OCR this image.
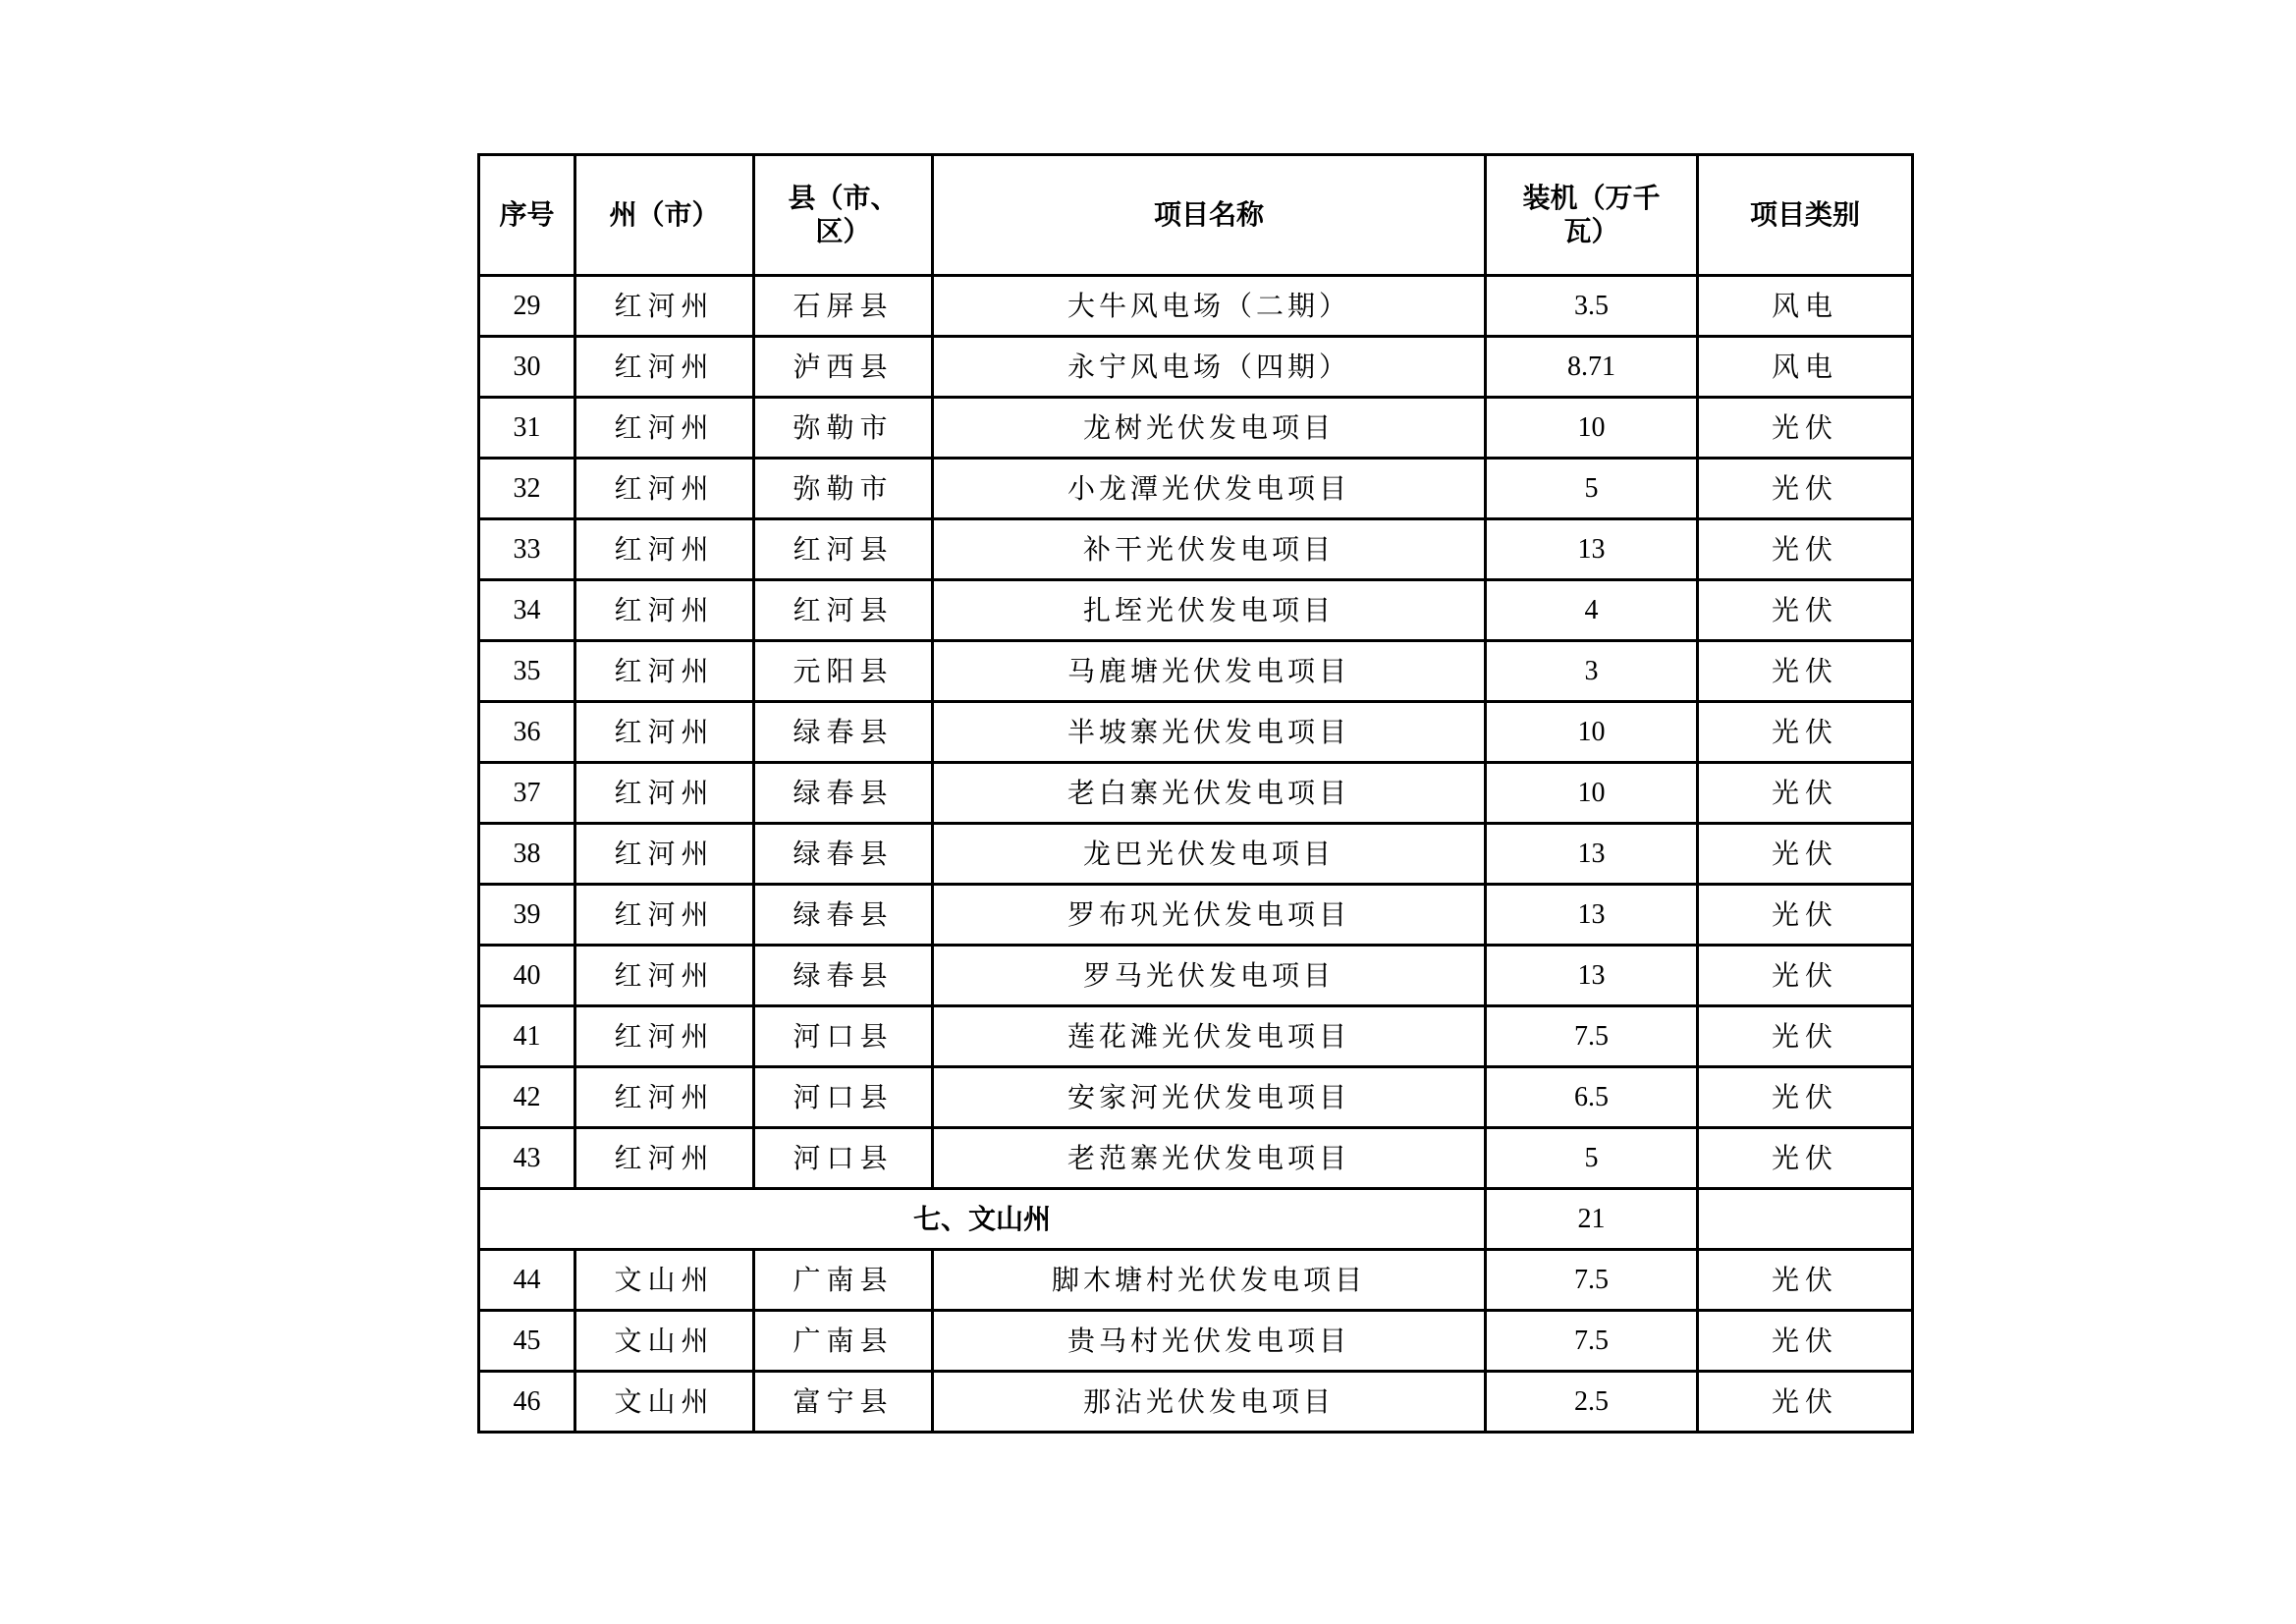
序号	州（市）	县（市、区）	项目名称	装机（万千瓦）	项目类别
29	红河州	石屏县	大牛风电场（二期）	3.5	风电
30	红河州	泸西县	永宁风电场（四期）	8.71	风电
31	红河州	弥勒市	龙树光伏发电项目	10	光伏
32	红河州	弥勒市	小龙潭光伏发电项目	5	光伏
33	红河州	红河县	补干光伏发电项目	13	光伏
34	红河州	红河县	扎垤光伏发电项目	4	光伏
35	红河州	元阳县	马鹿塘光伏发电项目	3	光伏
36	红河州	绿春县	半坡寨光伏发电项目	10	光伏
37	红河州	绿春县	老白寨光伏发电项目	10	光伏
38	红河州	绿春县	龙巴光伏发电项目	13	光伏
39	红河州	绿春县	罗布巩光伏发电项目	13	光伏
40	红河州	绿春县	罗马光伏发电项目	13	光伏
41	红河州	河口县	莲花滩光伏发电项目	7.5	光伏
42	红河州	河口县	安家河光伏发电项目	6.5	光伏
43	红河州	河口县	老范寨光伏发电项目	5	光伏
七、文山州				21	
44	文山州	广南县	脚木塘村光伏发电项目	7.5	光伏
45	文山州	广南县	贵马村光伏发电项目	7.5	光伏
46	文山州	富宁县	那沾光伏发电项目	2.5	光伏
